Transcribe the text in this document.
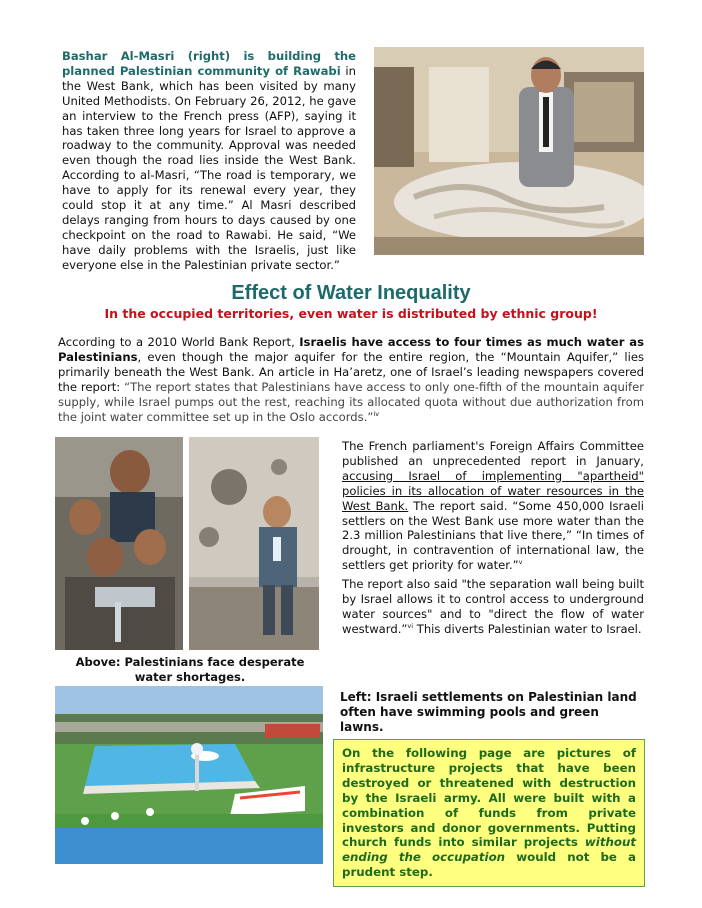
Bashar Al-Masri (right) is building the planned Palestinian community of Rawabi in the West Bank, which has been visited by many United Methodists. On February 26, 2012, he gave an interview to the French press (AFP), saying it has taken three long years for Israel to approve a roadway to the community. Approval was needed even though the road lies inside the West Bank. According to al-Masri, “The road is temporary, we have to apply for its renewal every year, they could stop it at any time.” Al Masri described delays ranging from hours to days caused by one checkpoint on the road to Rawabi. He said, “We have daily problems with the Israelis, just like everyone else in the Palestinian private sector.”
Effect of Water Inequality
In the occupied territories, even water is distributed by ethnic group!
According to a 2010 World Bank Report, Israelis have access to four times as much water as Palestinians, even though the major aquifer for the entire region, the “Mountain Aquifer,” lies primarily beneath the West Bank. An article in Ha’aretz, one of Israel’s leading newspapers covered the report: “The report states that Palestinians have access to only one-fifth of the mountain aquifer supply, while Israel pumps out the rest, reaching its allocated quota without due authorization from the joint water committee set up in the Oslo accords.”$^{iv}$
Above: Palestinians face desperate water shortages.
The French parliament's Foreign Affairs Committee published an unprecedented report in January, accusing Israel of implementing "apartheid" policies in its allocation of water resources in the West Bank. The report said. “Some 450,000 Israeli settlers on the West Bank use more water than the 2.3 million Palestinians that live there,” “In times of drought, in contravention of international law, the settlers get priority for water.”$^v$
The report also said "the separation wall being built by Israel allows it to control access to underground water sources" and to "direct the flow of water westward.”$^{vi}$ This diverts Palestinian water to Israel.
Left: Israeli settlements on Palestinian land often have swimming pools and green lawns.
On the following page are pictures of infrastructure projects that have been destroyed or threatened with destruction by the Israeli army. All were built with a combination of funds from private investors and donor governments. Putting church funds into similar projects without ending the occupation would not be a prudent step.
